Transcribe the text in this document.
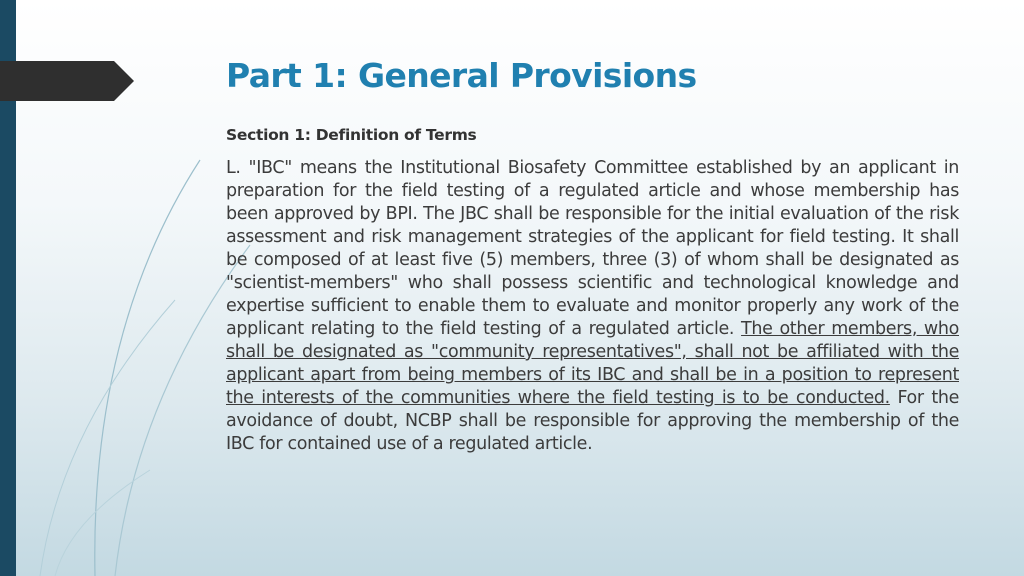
Part 1: General Provisions
Section 1: Definition of Terms

L. "IBC" means the Institutional Biosafety Committee established by an applicant in preparation for the field testing of a regulated article and whose membership has been approved by BPI. The JBC shall be responsible for the initial evaluation of the risk assessment and risk management strategies of the applicant for field testing. It shall be composed of at least five (5) members, three (3) of whom shall be designated as "scientist-members" who shall possess scientific and technological knowledge and expertise sufficient to enable them to evaluate and monitor properly any work of the applicant relating to the field testing of a regulated article. The other members, who shall be designated as "community representatives", shall not be affiliated with the applicant apart from being members of its IBC and shall be in a position to represent the interests of the communities where the field testing is to be conducted. For the avoidance of doubt, NCBP shall be responsible for approving the membership of the IBC for contained use of a regulated article.
